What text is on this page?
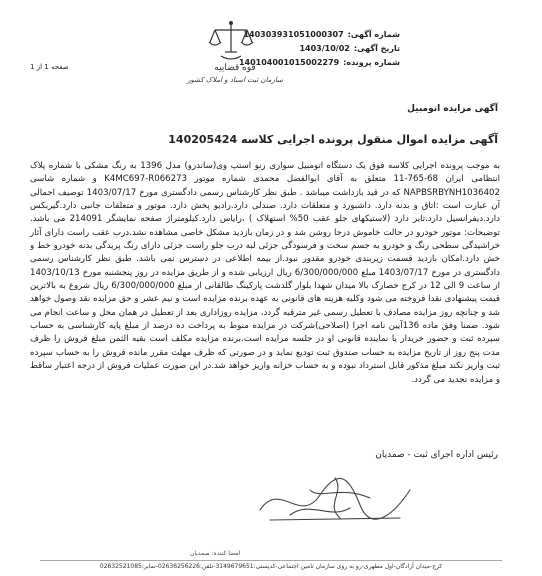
شماره آگهی:
140303931051000307
تاریخ آگهی:
1403/10/02
شماره پرونده:
140104001015002279
قوه قضاییه
سازمان ثبت اسناد و املاک کشور
صفحه 1 از 1
آگهی مزایده اتومبیل
آگهی مزایده اموال منقول پرونده اجرایی کلاسه 140205424
به موجب پرونده اجرایی کلاسه فوق یک دستگاه اتومبیل سواری رنو استپ وی(ساندرو) مدل 1396 به رنگ مشکی با شماره پلاک انتظامی ایران 68-765-11 متعلق به آقای ابوالفضل محمدی شماره موتور K4MC697-R066273 و شماره شاسی NAPBSRBYNH1036402 که در قید بازداشت میباشد . طبق نظر کارشناس رسمی دادگستری مورخ 1403/07/17 توصیف اجمالی آن عبارت است :اتاق و بدنه دارد. داشبورد و متعلقات دارد. صندلی دارد.رادیو پخش دارد. موتور و متعلقات جانبی دارد.گیربکس دارد.دیفرانسیل دارد.تایر دارد (لاستیکهای جلو عقب 50% استهلاک ) ،رایاس دارد.کیلومتراژ صفحه نمایشگر 214091 می باشد. توضیحات: موتور خودرو در حالت خاموش درجا روشن شد و در زمان بازدید مشکل خاصی مشاهده نشد.درب عقب راست دارای آثار خراشیدگی سطحی رنگ و خودرو به جسم سخت و فرسودگی جزئی لبه درب جلو راست جزئی دارای رنگ پریدگی بدنه خودرو خط و خش دارد.امکان بازدید قسمت زیربندی خودرو مقدور نبود.از بیمه اطلاعی در دسترس نمی باشد. طبق نظر کارشناس رسمی دادگستری در مورخ 1403/07/17 مبلغ 6/300/000/000 ریال ارزیابی شده و از طریق مزایده در روز پنجشنبه مورخ 1403/10/13 از ساعت 9 الی 12 در کرج حصارک بالا میدان شهدا بلوار گلدشت پارکینگ طالقانی از مبلغ 6/300/000/000 ریال شروع به بالاترین قیمت پیشنهادی نقدا فروخته می شود وکلیه هزینه های قانونی به عهده برنده مزایده است و نیم عشر و حق مزایده نقد وصول خواهد شد و چنانچه روز مزایده مصادف با تعطیل رسمی غیر مترقبه گردد، مزایده روزاداری بعد از تعطیل در همان محل و ساعت انجام می شود. ضمنا وفق ماده 136آیین نامه اجرا (اصلاحی)شرکت در مزایده منوط به پرداخت ده درصد از مبلغ پایه کارشناسی به حساب سپرده ثبت و حضور خریدار یا نماینده قانونی او در جلسه مزایده است.برنده مزایده مکلف است بقیه الثمن مبلغ فروش را ظرف مدت پنج روز از تاریخ مزایده به حساب صندوق ثبت تودیع نماید و در صورتی که ظرف مهلت مقرر مانده فروش را به حساب سپرده ثبت واریز نکند مبلغ مذکور قابل استرداد نبوده و به حساب خزانه واریز خواهد شد.در این صورت عملیات فروش از درجه اعتبار ساقط و مزایده تجدید می گردد.
رئیس اداره اجرای ثبت - صمدیان
امضا کننده: صمدیان
کرج-میدان آزادگان-اول مطهری-رو به روی سازمان تامین اجتماعی-کدپستی:3149679651-تلفن:02636256226-نمابر:02632521085
